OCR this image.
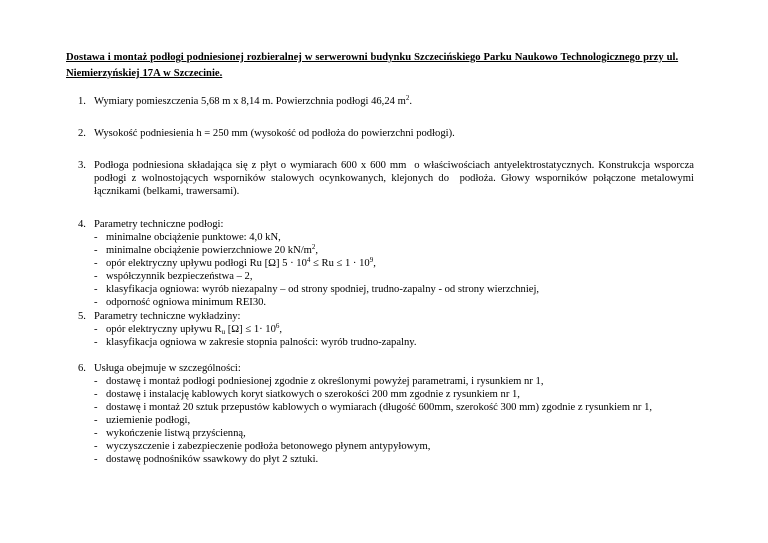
Dostawa i montaż podłogi podniesionej rozbieralnej w serwerowni budynku Szczecińskiego Parku Naukowo Technologicznego przy ul. Niemierzyńskiej 17A w Szczecinie.
1. Wymiary pomieszczenia 5,68 m x 8,14 m. Powierzchnia podłogi 46,24 $m^2$.
2. Wysokość podniesienia h = 250 mm (wysokość od podłoża do powierzchni podłogi).
3. Podłoga podniesiona składająca się z płyt o wymiarach 600 x 600 mm  o właściwościach antyelektrostatycznych. Konstrukcja wsporcza podłogi z wolnostojących wsporników stalowych ocynkowanych, klejonych do  podłoża. Głowy wsporników połączone metalowymi łącznikami (belkami, trawersami).
4. Parametry techniczne podłogi:
- minimalne obciążenie punktowe: 4,0 kN,
- minimalne obciążenie powierzchniowe 20 $kN/m^2$,
- opór elektryczny upływu podłogi Ru [Ω] $5 \cdot 10^4 \le Ru \le 1 \cdot 10^9$,
- współczynnik bezpieczeństwa – 2,
- klasyfikacja ogniowa: wyrób niezapalny – od strony spodniej, trudno-zapalny - od strony wierzchniej,
- odporność ogniowa minimum REI30.
5. Parametry techniczne wykładziny:
- opór elektryczny upływu $R_u$ $[\Omega] \le 1\cdot 10^6$,
- klasyfikacja ogniowa w zakresie stopnia palności: wyrób trudno-zapalny.
6. Usługa obejmuje w szczególności:
- dostawę i montaż podłogi podniesionej zgodnie z określonymi powyżej parametrami, i rysunkiem nr 1,
- dostawę i instalację kablowych koryt siatkowych o szerokości 200 mm zgodnie z rysunkiem nr 1,
- dostawę i montaż 20 sztuk przepustów kablowych o wymiarach (długość 600mm, szerokość 300 mm) zgodnie z rysunkiem nr 1,
- uziemienie podłogi,
- wykończenie listwą przyścienną,
- wyczyszczenie i zabezpieczenie podłoża betonowego płynem antypyłowym,
- dostawę podnośników ssawkowy do płyt 2 sztuki.
